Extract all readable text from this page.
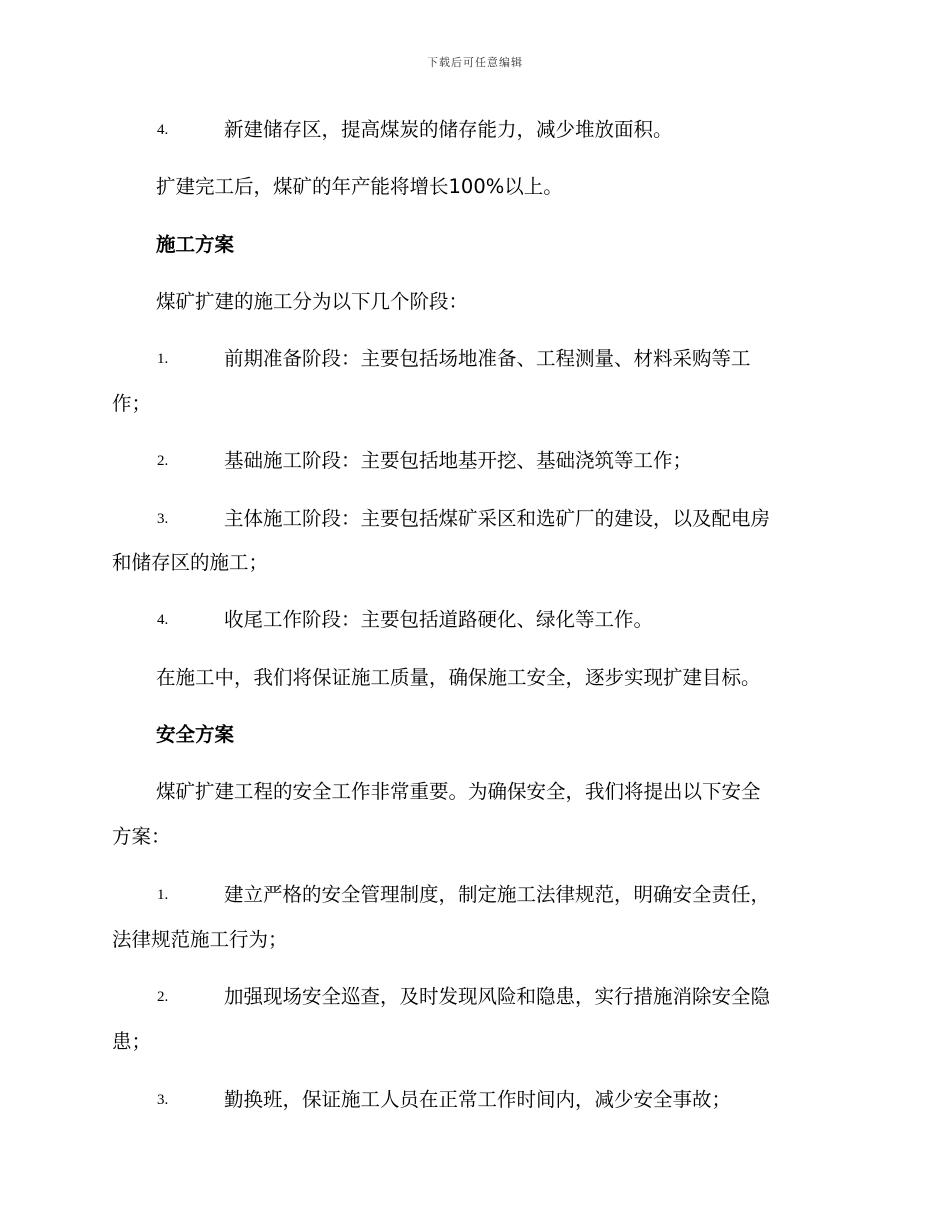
下载后可任意编辑
4.	新建储存区，提高煤炭的储存能力，减少堆放面积。
扩建完工后，煤矿的年产能将增长100%以上。
施工方案
煤矿扩建的施工分为以下几个阶段：
1.	前期准备阶段：主要包括场地准备、工程测量、材料采购等工
作；
2.	基础施工阶段：主要包括地基开挖、基础浇筑等工作；
3.	主体施工阶段：主要包括煤矿采区和选矿厂的建设，以及配电房
和储存区的施工；
4.	收尾工作阶段：主要包括道路硬化、绿化等工作。
在施工中，我们将保证施工质量，确保施工安全，逐步实现扩建目标。
安全方案
煤矿扩建工程的安全工作非常重要。为确保安全，我们将提出以下安全
方案：
1.	建立严格的安全管理制度，制定施工法律规范，明确安全责任，
法律规范施工行为；
2.	加强现场安全巡查，及时发现风险和隐患，实行措施消除安全隐
患；
3.	勤换班，保证施工人员在正常工作时间内，减少安全事故；
